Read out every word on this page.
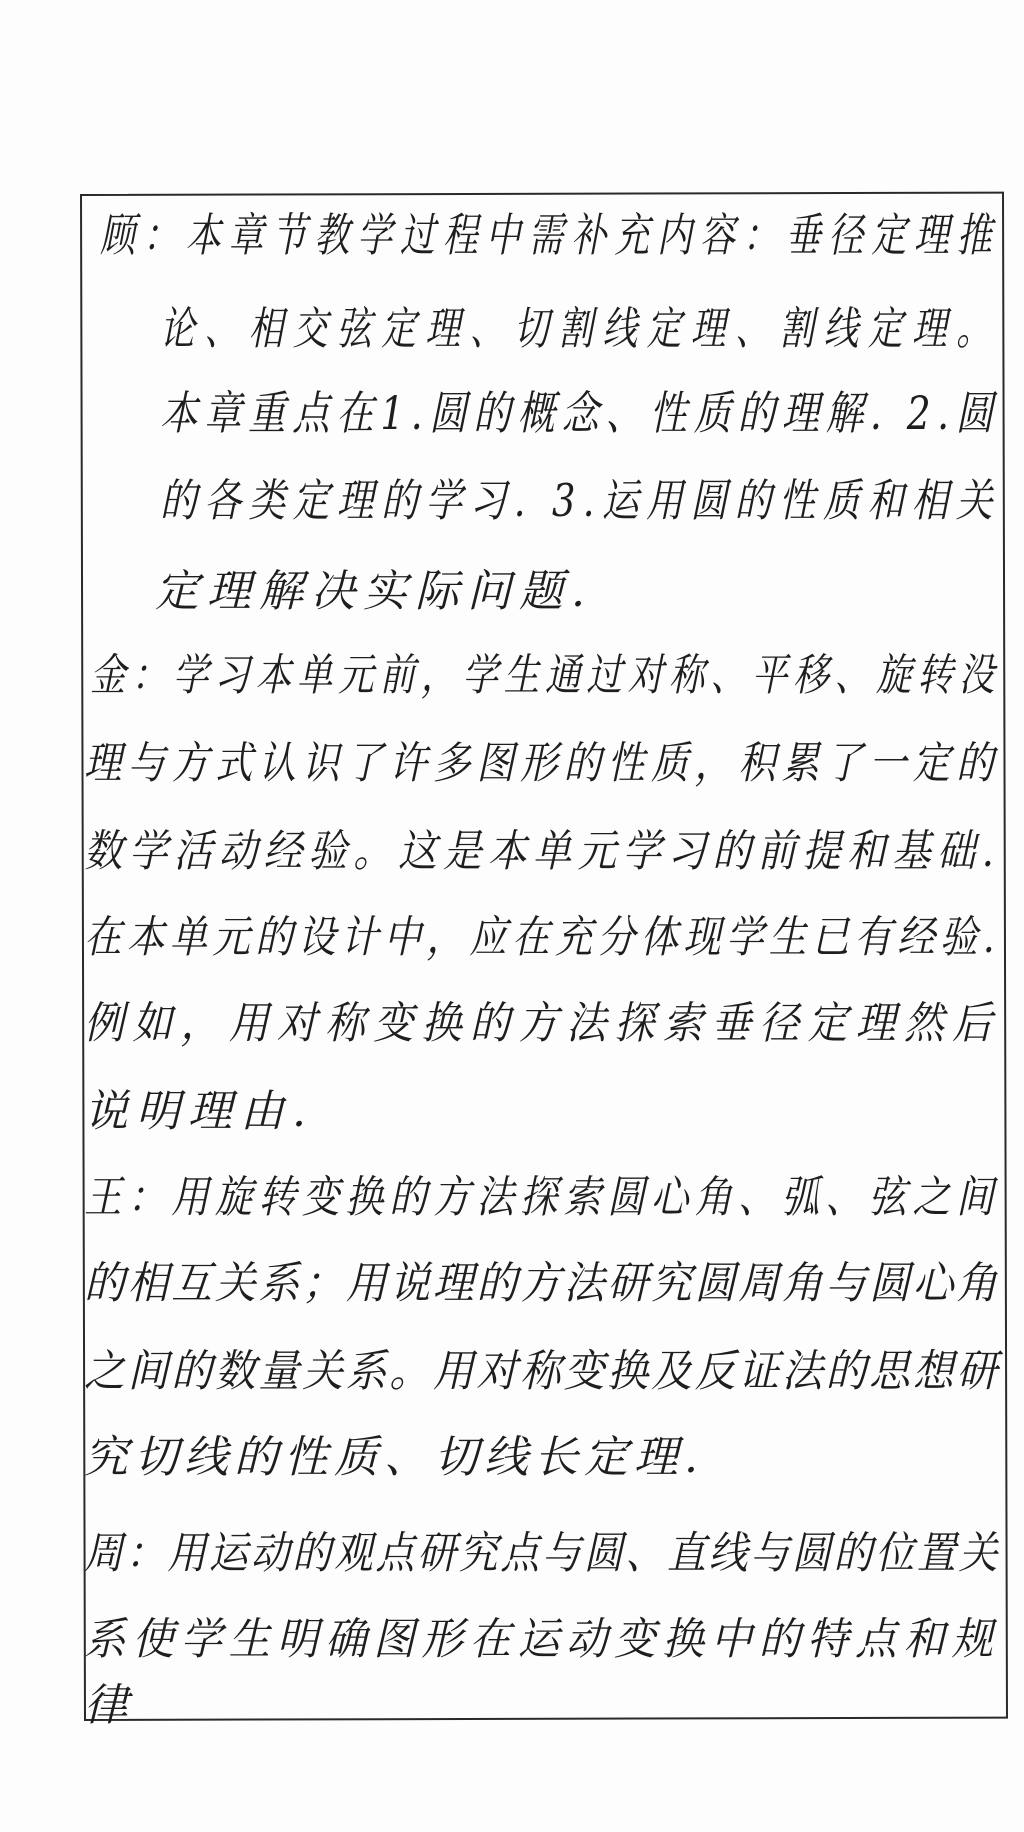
顾：本章节教学过程中需补充内容：垂径定理推
论、相交弦定理、切割线定理、割线定理。
本章重点在1.圆的概念、性质的理解. 2.圆
的各类定理的学习. 3.运用圆的性质和相关
定理解决实际问题.
金：学习本单元前，学生通过对称、平移、旋转没
理与方式认识了许多图形的性质，积累了一定的
数学活动经验。这是本单元学习的前提和基础.
在本单元的设计中，应在充分体现学生已有经验.
例如，用对称变换的方法探索垂径定理然后
说明理由.
王：用旋转变换的方法探索圆心角、弧、弦之间
的相互关系；用说理的方法研究圆周角与圆心角
之间的数量关系。用对称变换及反证法的思想研
究切线的性质、切线长定理.
周：用运动的观点研究点与圆、直线与圆的位置关
系使学生明确图形在运动变换中的特点和规
律
